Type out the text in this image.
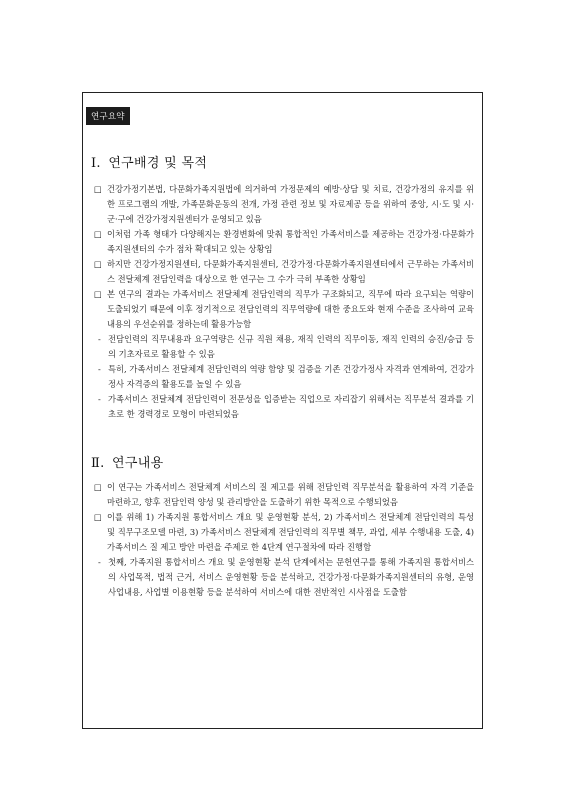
연구요약
Ⅰ. 연구배경 및 목적

□ 건강가정기본법, 다문화가족지원법에 의거하여 가정문제의 예방·상담 및 치료, 건강가정의 유지를 위한 프로그램의 개발, 가족문화운동의 전개, 가정 관련 정보 및 자료제공 등을 위하여 중앙, 시·도 및 시·군·구에 건강가정지원센터가 운영되고 있음

□ 이처럼 가족 형태가 다양해지는 환경변화에 맞춰 통합적인 가족서비스를 제공하는 건강가정·다문화가족지원센터의 수가 점차 확대되고 있는 상황임

□ 하지만 건강가정지원센터, 다문화가족지원센터, 건강가정·다문화가족지원센터에서 근무하는 가족서비스 전달체계 전담인력을 대상으로 한 연구는 그 수가 극히 부족한 상황임

□ 본 연구의 결과는 가족서비스 전달체계 전담인력의 직무가 구조화되고, 직무에 따라 요구되는 역량이 도출되었기 때문에 이후 정기적으로 전담인력의 직무역량에 대한 중요도와 현재 수준을 조사하여 교육내용의 우선순위를 정하는데 활용가능함

- 전담인력의 직무내용과 요구역량은 신규 직원 채용, 재직 인력의 직무이동, 재직 인력의 승진/승급 등의 기초자료로 활용할 수 있음

- 특히, 가족서비스 전달체계 전담인력의 역량 함양 및 검증을 기존 건강가정사 자격과 연계하여, 건강가정사 자격증의 활용도를 높일 수 있음

- 가족서비스 전달체계 전담인력이 전문성을 입증받는 직업으로 자리잡기 위해서는 직무분석 결과를 기초로 한 경력경로 모형이 마련되었음

Ⅱ. 연구내용

□ 이 연구는 가족서비스 전달체계 서비스의 질 제고를 위해 전담인력 직무분석을 활용하여 자격 기준을 마련하고, 향후 전담인력 양성 및 관리방안을 도출하기 위한 목적으로 수행되었음

□ 이를 위해 1) 가족지원 통합서비스 개요 및 운영현황 분석, 2) 가족서비스 전달체계 전담인력의 특성 및 직무구조모델 마련, 3) 가족서비스 전달체계 전담인력의 직무별 책무, 과업, 세부 수행내용 도출, 4) 가족서비스 질 제고 방안 마련을 주제로 한 4단계 연구절차에 따라 진행함

- 첫째, 가족지원 통합서비스 개요 및 운영현황 분석 단계에서는 문헌연구를 통해 가족지원 통합서비스의 사업목적, 법적 근거, 서비스 운영현황 등을 분석하고, 건강가정·다문화가족지원센터의 유형, 운영사업내용, 사업별 이용현황 등을 분석하여 서비스에 대한 전반적인 시사점을 도출함
